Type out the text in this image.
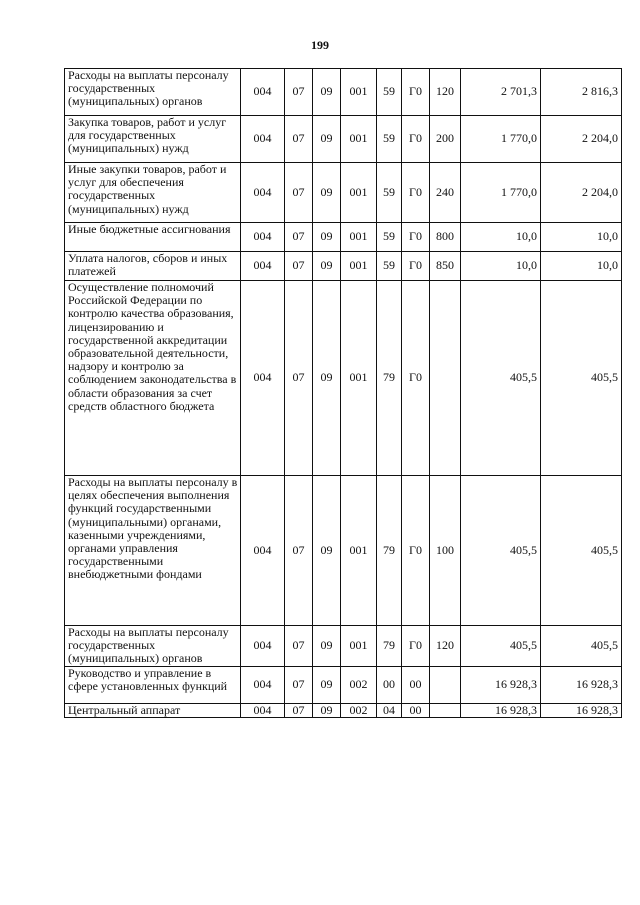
199
Расходы на выплаты персоналу государственных (муниципальных) органов	004	07	09	001	59	Г0	120	2 701,3	2 816,3
Закупка товаров, работ и услуг для государственных (муниципальных) нужд	004	07	09	001	59	Г0	200	1 770,0	2 204,0
Иные закупки товаров, работ и услуг для обеспечения государственных (муниципальных) нужд	004	07	09	001	59	Г0	240	1 770,0	2 204,0
Иные бюджетные ассигнования	004	07	09	001	59	Г0	800	10,0	10,0
Уплата налогов, сборов и иных платежей	004	07	09	001	59	Г0	850	10,0	10,0
Осуществление полномочий Российской Федерации по контролю качества образования, лицензированию и государственной аккредитации образовательной деятельности, надзору и контролю за соблюдением законодательства в области образования за счет средств областного бюджета	004	07	09	001	79	Г0		405,5	405,5
Расходы на выплаты персоналу в целях обеспечения выполнения функций государственными (муниципальными) органами, казенными учреждениями, органами управления государственными внебюджетными фондами	004	07	09	001	79	Г0	100	405,5	405,5
Расходы на выплаты персоналу государственных (муниципальных) органов	004	07	09	001	79	Г0	120	405,5	405,5
Руководство и управление в сфере установленных функций	004	07	09	002	00	00		16 928,3	16 928,3
Центральный аппарат	004	07	09	002	04	00		16 928,3	16 928,3
